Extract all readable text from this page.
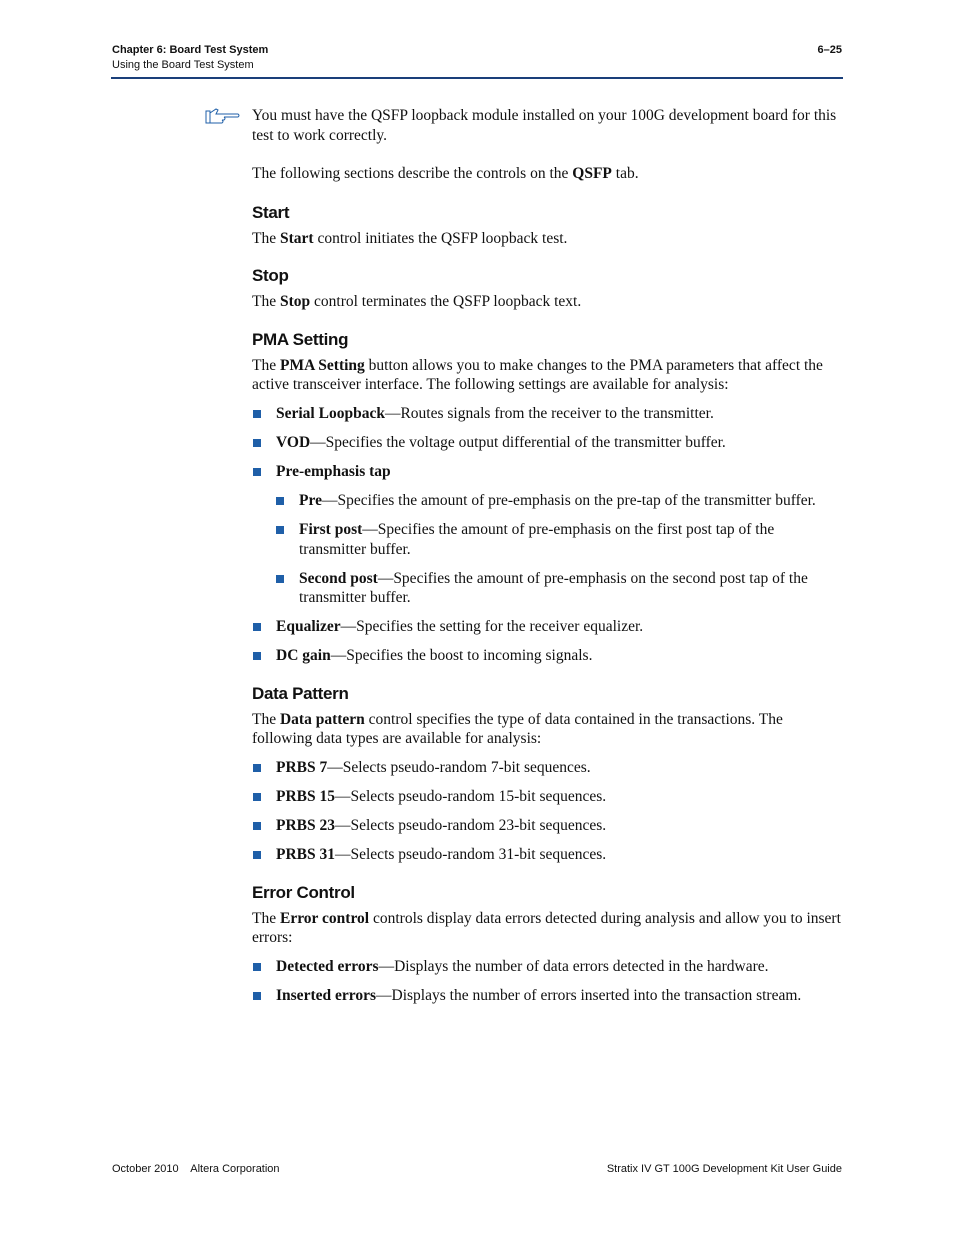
Chapter 6: Board Test System
Using the Board Test System
6–25

You must have the QSFP loopback module installed on your 100G development board for this test to work correctly.

The following sections describe the controls on the QSFP tab.

Start

The Start control initiates the QSFP loopback test.

Stop

The Stop control terminates the QSFP loopback text.

PMA Setting

The PMA Setting button allows you to make changes to the PMA parameters that affect the active transceiver interface. The following settings are available for analysis:

Serial Loopback—Routes signals from the receiver to the transmitter.
VOD—Specifies the voltage output differential of the transmitter buffer.
Pre-emphasis tap
Pre—Specifies the amount of pre-emphasis on the pre-tap of the transmitter buffer.
First post—Specifies the amount of pre-emphasis on the first post tap of the transmitter buffer.
Second post—Specifies the amount of pre-emphasis on the second post tap of the transmitter buffer.
Equalizer—Specifies the setting for the receiver equalizer.
DC gain—Specifies the boost to incoming signals.
Data Pattern

The Data pattern control specifies the type of data contained in the transactions. The following data types are available for analysis:

PRBS 7—Selects pseudo-random 7-bit sequences.
PRBS 15—Selects pseudo-random 15-bit sequences.
PRBS 23—Selects pseudo-random 23-bit sequences.
PRBS 31—Selects pseudo-random 31-bit sequences.
Error Control

The Error control controls display data errors detected during analysis and allow you to insert errors:

Detected errors—Displays the number of data errors detected in the hardware.
Inserted errors—Displays the number of errors inserted into the transaction stream.
October 2010    Altera Corporation	Stratix IV GT 100G Development Kit User Guide
